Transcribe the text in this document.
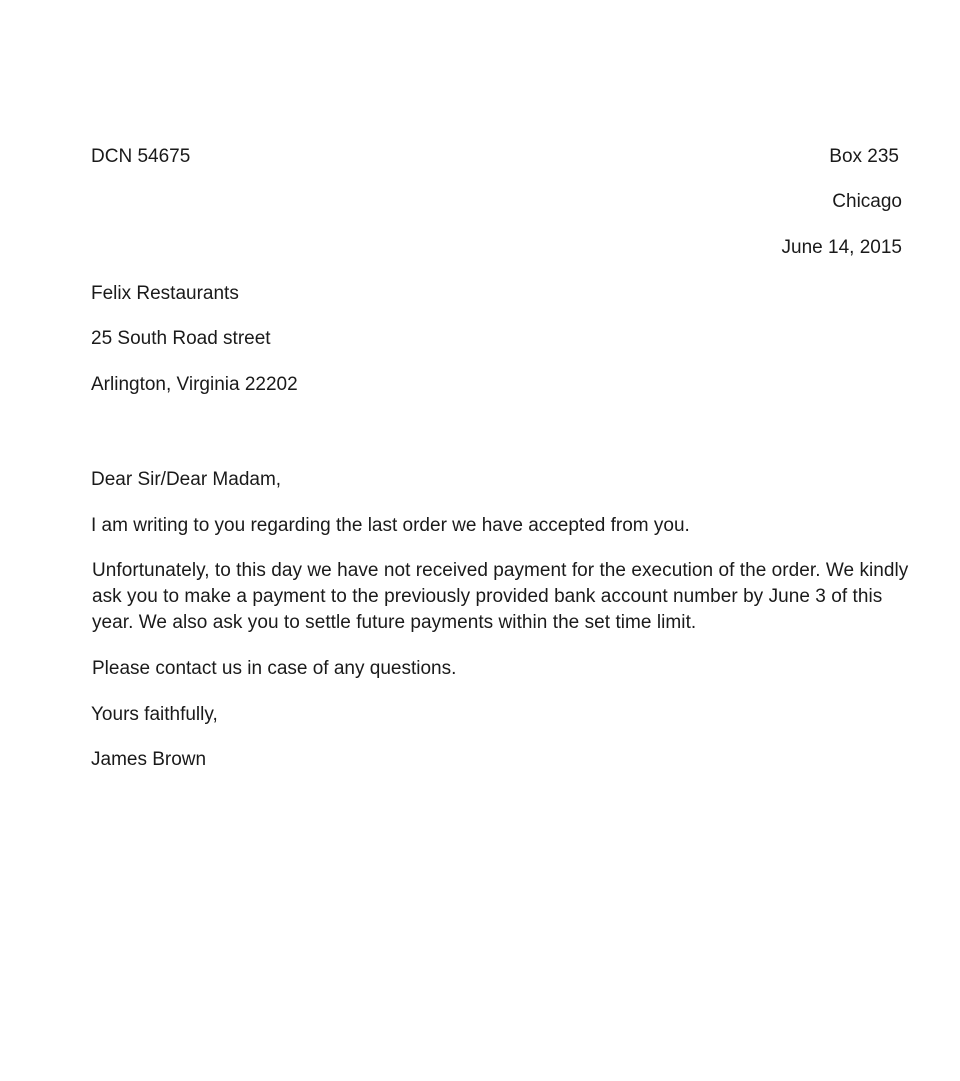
DCN 54675	Box 235

Chicago

June 14, 2015

Felix Restaurants

25 South Road street

Arlington, Virginia 22202

Dear Sir/Dear Madam,

I am writing to you regarding the last order we have accepted from you.

Unfortunately, to this day we have not received payment for the execution of the order. We kindly ask you to make a payment to the previously provided bank account number by June 3 of this year. We also ask you to settle future payments within the set time limit.

Please contact us in case of any questions.

Yours faithfully,

James Brown
